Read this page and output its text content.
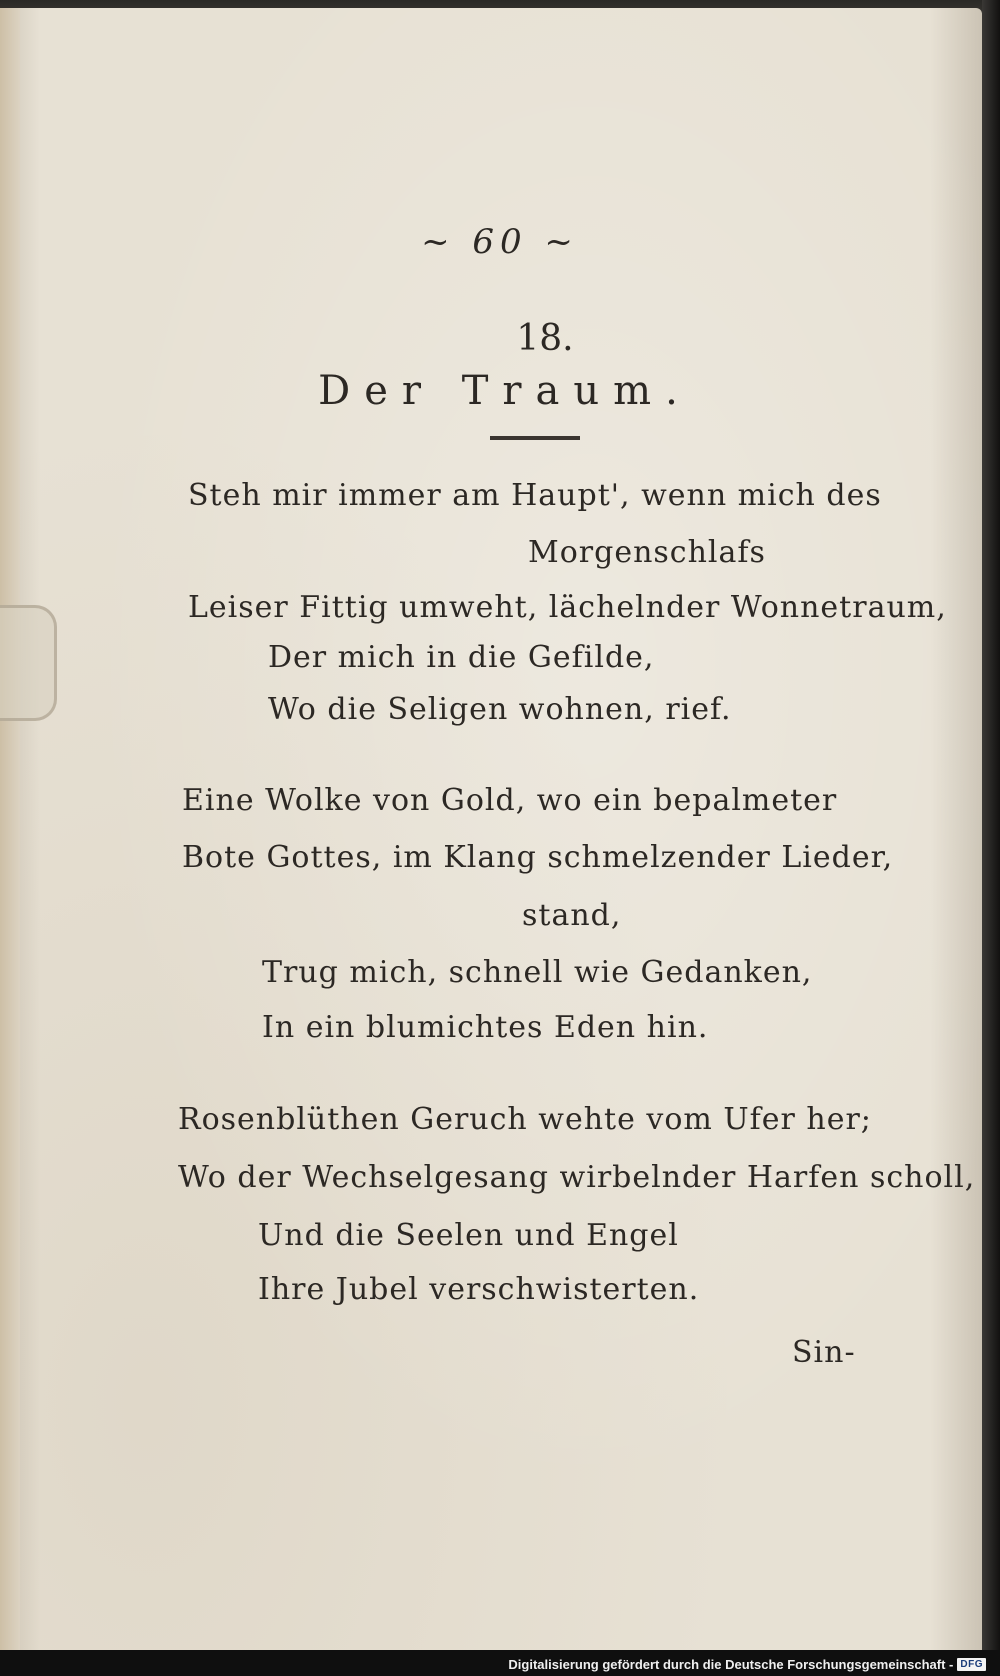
~ 60 ~
18.
Der Traum.
Steh mir immer am Haupt', wenn mich des
Morgenschlafs
Leiser Fittig umweht, lächelnder Wonnetraum,
Der mich in die Gefilde,
Wo die Seligen wohnen, rief.
Eine Wolke von Gold, wo ein bepalmeter
Bote Gottes, im Klang schmelzender Lieder,
stand,
Trug mich, schnell wie Gedanken,
In ein blumichtes Eden hin.
Rosenblüthen Geruch wehte vom Ufer her;
Wo der Wechselgesang wirbelnder Harfen scholl,
Und die Seelen und Engel
Ihre Jubel verschwisterten.
Sin-
Digitalisierung gefördert durch die Deutsche Forschungsgemeinschaft - DFG
